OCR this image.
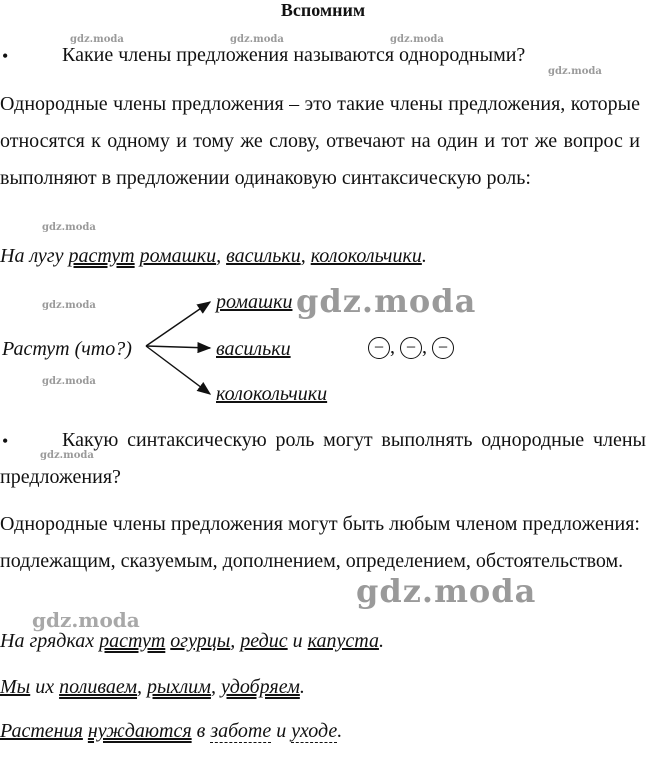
Вспомним
gdz.moda	gdz.moda	gdz.moda
gdz.moda
gdz.moda
gdz.moda
gdz.moda
gdz.moda
•	Какие члены предложения называются однородными?
Однородные члены предложения – это такие члены предложения, которые относятся к одному и тому же слову, отвечают на один и тот же вопрос и выполняют в предложении одинаковую синтаксическую роль:
На лугу растут ромашки, васильки, колокольчики.
ромашки gdz.moda
Растут (что?)	васильки
колокольчики
− , − , −
•	Какую синтаксическую роль могут выполнять однородные члены предложения?
Однородные члены предложения могут быть любым членом предложения: подлежащим, сказуемым, дополнением, определением, обстоятельством.
gdz.moda
gdz.moda
На грядках растут огурцы, редис и капуста.
Мы их поливаем, рыхлим, удобряем.
Растения нуждаются в заботе и уходе.
